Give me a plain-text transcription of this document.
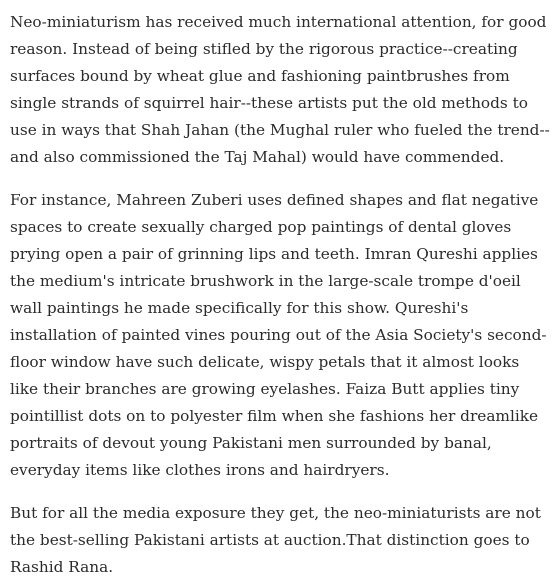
Neo-miniaturism has received much international attention, for good reason. Instead of being stifled by the rigorous practice--creating surfaces bound by wheat glue and fashioning paintbrushes from single strands of squirrel hair--these artists put the old methods to use in ways that Shah Jahan (the Mughal ruler who fueled the trend--and also commissioned the Taj Mahal) would have commended.

For instance, Mahreen Zuberi uses defined shapes and flat negative spaces to create sexually charged pop paintings of dental gloves prying open a pair of grinning lips and teeth. Imran Qureshi applies the medium's intricate brushwork in the large-scale trompe d'oeil wall paintings he made specifically for this show. Qureshi's installation of painted vines pouring out of the Asia Society's second-floor window have such delicate, wispy petals that it almost looks like their branches are growing eyelashes. Faiza Butt applies tiny pointillist dots on to polyester film when she fashions her dreamlike portraits of devout young Pakistani men surrounded by banal, everyday items like clothes irons and hairdryers.

But for all the media exposure they get, the neo-miniaturists are not the best-selling Pakistani artists at auction.That distinction goes to Rashid Rana.
